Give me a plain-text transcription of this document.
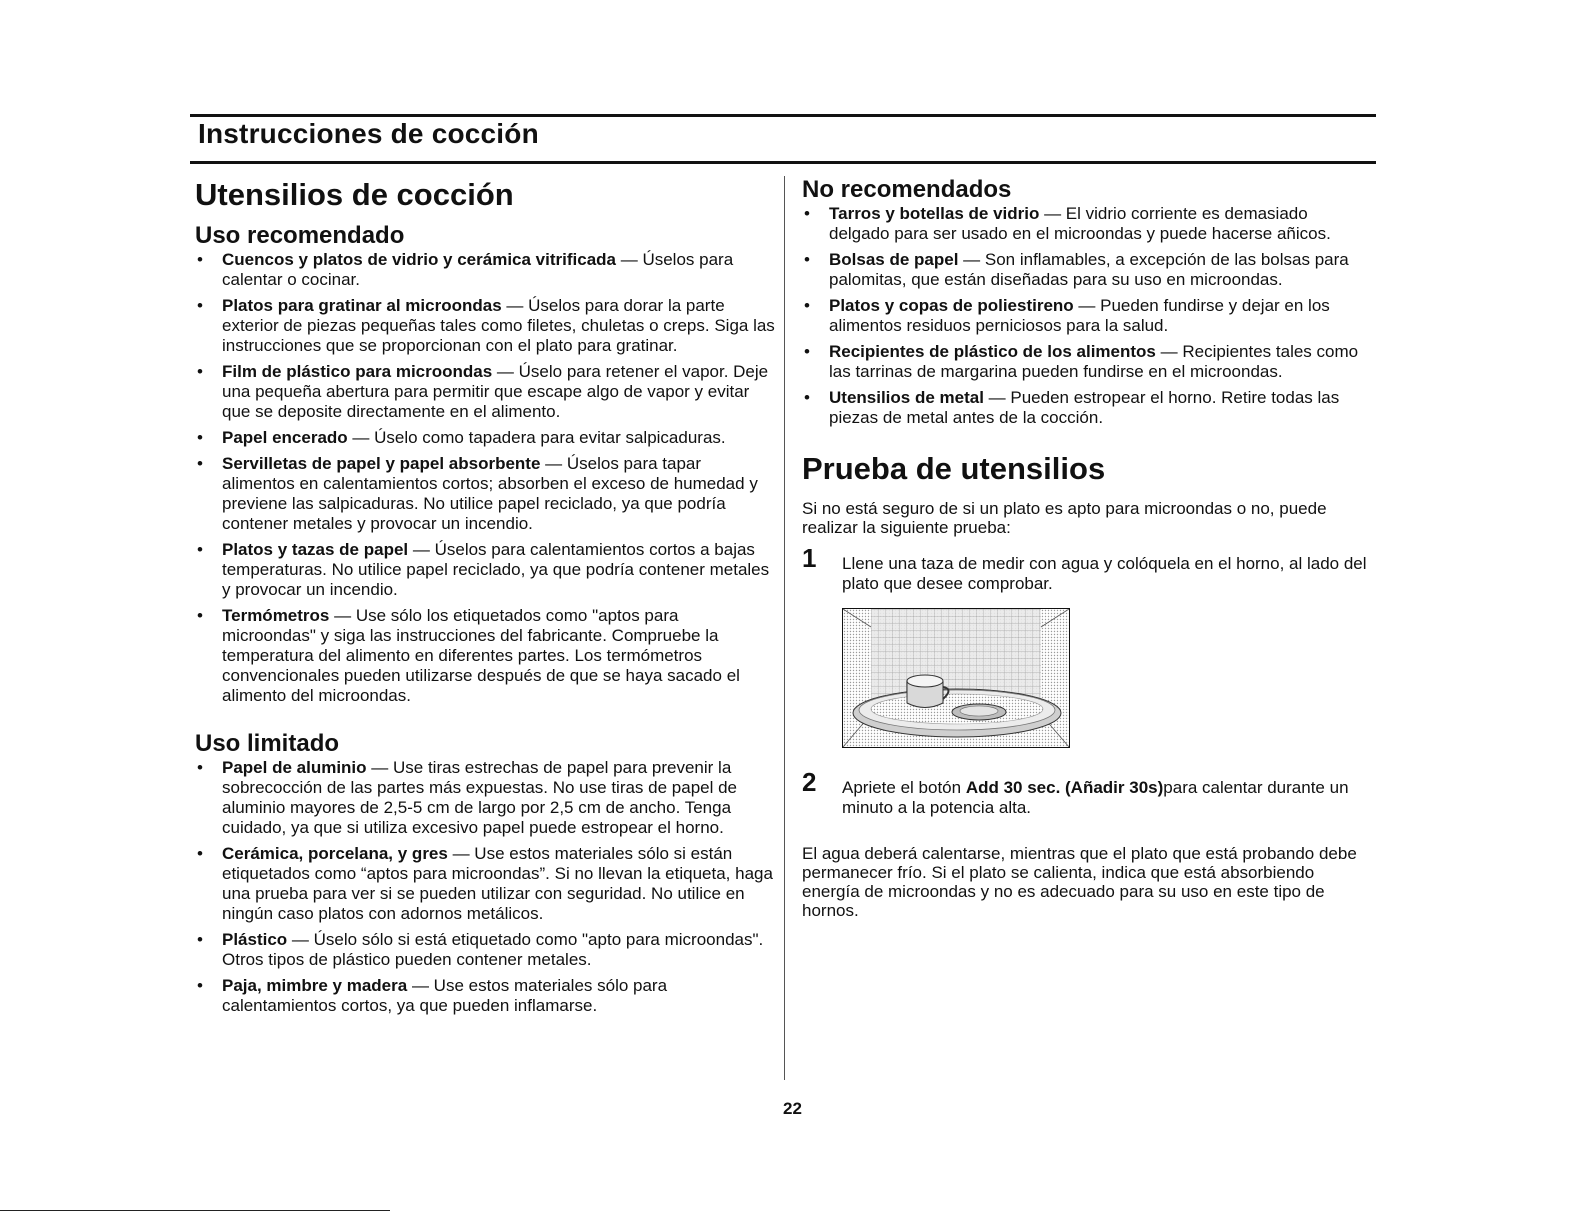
Instrucciones de cocción
Utensilios de cocción
Uso recomendado
• Cuencos y platos de vidrio y cerámica vitrificada — Úselos para calentar o cocinar.
• Platos para gratinar al microondas — Úselos para dorar la parte exterior de piezas pequeñas tales como filetes, chuletas o creps. Siga las instrucciones que se proporcionan con el plato para gratinar.
• Film de plástico para microondas — Úselo para retener el vapor. Deje una pequeña abertura para permitir que escape algo de vapor y evitar que se deposite directamente en el alimento.
• Papel encerado — Úselo como tapadera para evitar salpicaduras.
• Servilletas de papel y papel absorbente — Úselos para tapar alimentos en calentamientos cortos; absorben el exceso de humedad y previene las salpicaduras. No utilice papel reciclado, ya que podría contener metales y provocar un incendio.
• Platos y tazas de papel — Úselos para calentamientos cortos a bajas temperaturas. No utilice papel reciclado, ya que podría contener metales y provocar un incendio.
• Termómetros — Use sólo los etiquetados como "aptos para microondas" y siga las instrucciones del fabricante. Compruebe la temperatura del alimento en diferentes partes. Los termómetros convencionales pueden utilizarse después de que se haya sacado el alimento del microondas.
Uso limitado
• Papel de aluminio — Use tiras estrechas de papel para prevenir la sobrecocción de las partes más expuestas. No use tiras de papel de aluminio mayores de 2,5-5 cm de largo por 2,5 cm de ancho. Tenga cuidado, ya que si utiliza excesivo papel puede estropear el horno.
• Cerámica, porcelana, y gres — Use estos materiales sólo si están etiquetados como “aptos para microondas”. Si no llevan la etiqueta, haga una prueba para ver si se pueden utilizar con seguridad. No utilice en ningún caso platos con adornos metálicos.
• Plástico — Úselo sólo si está etiquetado como "apto para microondas". Otros tipos de plástico pueden contener metales.
• Paja, mimbre y madera — Use estos materiales sólo para calentamientos cortos, ya que pueden inflamarse.
No recomendados
• Tarros y botellas de vidrio — El vidrio corriente es demasiado delgado para ser usado en el microondas y puede hacerse añicos.
• Bolsas de papel — Son inflamables, a excepción de las bolsas para palomitas, que están diseñadas para su uso en microondas.
• Platos y copas de poliestireno — Pueden fundirse y dejar en los alimentos residuos perniciosos para la salud.
• Recipientes de plástico de los alimentos — Recipientes tales como las tarrinas de margarina pueden fundirse en el microondas.
• Utensilios de metal — Pueden estropear el horno. Retire todas las piezas de metal antes de la cocción.
Prueba de utensilios

Si no está seguro de si un plato es apto para microondas o no, puede realizar la siguiente prueba:

1 Llene una taza de medir con agua y colóquela en el horno, al lado del plato que desee comprobar.
2 Apriete el botón Add 30 sec. (Añadir 30s)para calentar durante un minuto a la potencia alta.

El agua deberá calentarse, mientras que el plato que está probando debe permanecer frío. Si el plato se calienta, indica que está absorbiendo energía de microondas y no es adecuado para su uso en este tipo de hornos.

22
